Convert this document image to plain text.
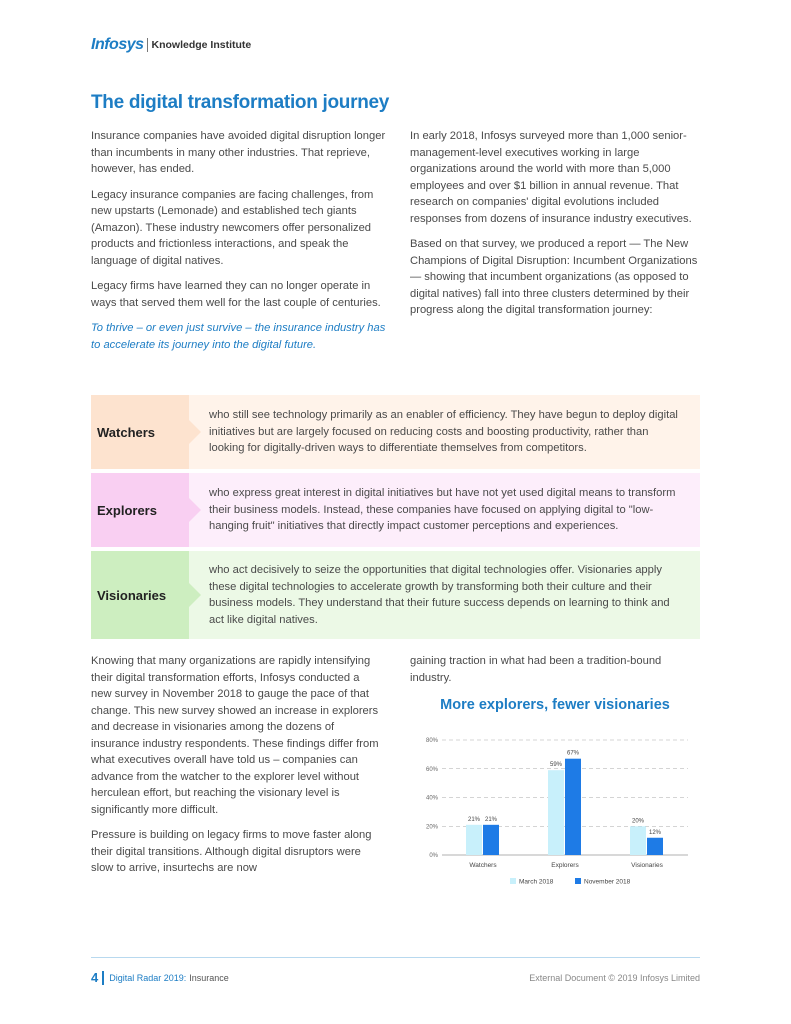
Infosys Knowledge Institute
The digital transformation journey

Insurance companies have avoided digital disruption longer than incumbents in many other industries. That reprieve, however, has ended.

Legacy insurance companies are facing challenges, from new upstarts (Lemonade) and established tech giants (Amazon). These industry newcomers offer personalized products and frictionless interactions, and speak the language of digital natives.

Legacy firms have learned they can no longer operate in ways that served them well for the last couple of centuries.

To thrive – or even just survive – the insurance industry has to accelerate its journey into the digital future.

In early 2018, Infosys surveyed more than 1,000 senior-management-level executives working in large organizations around the world with more than 5,000 employees and over $1 billion in annual revenue. That research on companies' digital evolutions included responses from dozens of insurance industry executives.

Based on that survey, we produced a report — The New Champions of Digital Disruption: Incumbent Organizations — showing that incumbent organizations (as opposed to digital natives) fall into three clusters determined by their progress along the digital transformation journey:

Watchers
who still see technology primarily as an enabler of efficiency. They have begun to deploy digital initiatives but are largely focused on reducing costs and boosting productivity, rather than looking for digitally-driven ways to differentiate themselves from competitors.
Explorers
who express great interest in digital initiatives but have not yet used digital means to transform their business models. Instead, these companies have focused on applying digital to "low-hanging fruit" initiatives that directly impact customer perceptions and experiences.
Visionaries
who act decisively to seize the opportunities that digital technologies offer. Visionaries apply these digital technologies to accelerate growth by transforming both their culture and their business models. They understand that their future success depends on learning to think and act like digital natives.

Knowing that many organizations are rapidly intensifying their digital transformation efforts, Infosys conducted a new survey in November 2018 to gauge the pace of that change. This new survey showed an increase in explorers and decrease in visionaries among the dozens of insurance industry respondents. These findings differ from what executives overall have told us – companies can advance from the watcher to the explorer level without herculean effort, but reaching the visionary level is significantly more difficult.

Pressure is building on legacy firms to move faster along their digital transitions. Although digital disruptors were slow to arrive, insurtechs are now

gaining traction in what had been a tradition-bound industry.

More explorers, fewer visionaries
0%
20%
40%
60%
80%
21% 21%
Watchers
59%
67%
Explorers
20%
12%
Visionaries
March 2018	November 2018
4 Digital Radar 2019: Insurance	External Document © 2019 Infosys Limited
